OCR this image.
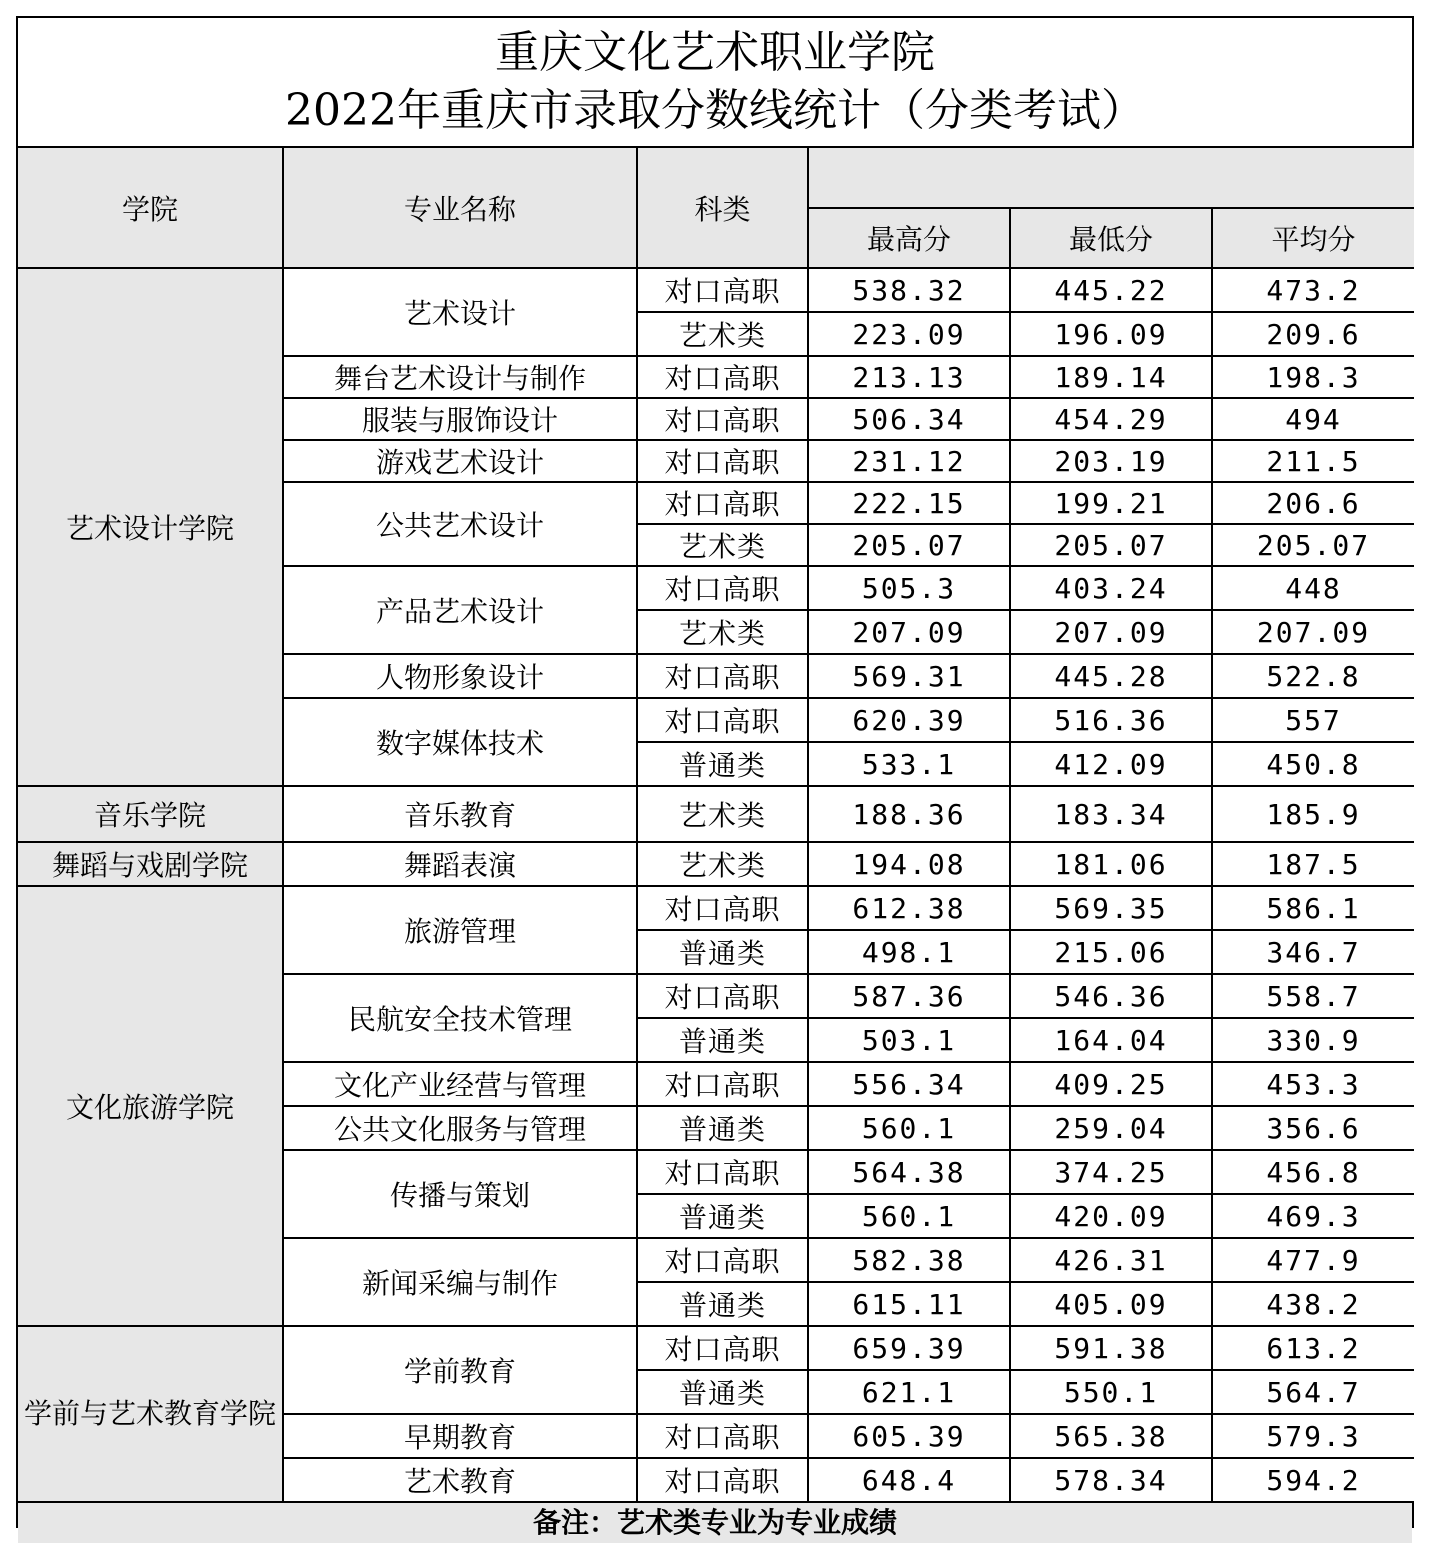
重庆文化艺术职业学院
2022年重庆市录取分数线统计（分类考试）
学院	专业名称	科类			
			最高分	最低分	平均分
艺术设计学院	艺术设计	对口高职	538.32	445.22	473.2
		艺术类	223.09	196.09	209.6
	舞台艺术设计与制作	对口高职	213.13	189.14	198.3
	服装与服饰设计	对口高职	506.34	454.29	494
	游戏艺术设计	对口高职	231.12	203.19	211.5
	公共艺术设计	对口高职	222.15	199.21	206.6
		艺术类	205.07	205.07	205.07
	产品艺术设计	对口高职	505.3	403.24	448
		艺术类	207.09	207.09	207.09
	人物形象设计	对口高职	569.31	445.28	522.8
	数字媒体技术	对口高职	620.39	516.36	557
		普通类	533.1	412.09	450.8
音乐学院	音乐教育	艺术类	188.36	183.34	185.9
舞蹈与戏剧学院	舞蹈表演	艺术类	194.08	181.06	187.5
文化旅游学院	旅游管理	对口高职	612.38	569.35	586.1
		普通类	498.1	215.06	346.7
	民航安全技术管理	对口高职	587.36	546.36	558.7
		普通类	503.1	164.04	330.9
	文化产业经营与管理	对口高职	556.34	409.25	453.3
	公共文化服务与管理	普通类	560.1	259.04	356.6
	传播与策划	对口高职	564.38	374.25	456.8
		普通类	560.1	420.09	469.3
	新闻采编与制作	对口高职	582.38	426.31	477.9
		普通类	615.11	405.09	438.2
学前与艺术教育学院	学前教育	对口高职	659.39	591.38	613.2
		普通类	621.1	550.1	564.7
	早期教育	对口高职	605.39	565.38	579.3
	艺术教育	对口高职	648.4	578.34	594.2
备注：艺术类专业为专业成绩
